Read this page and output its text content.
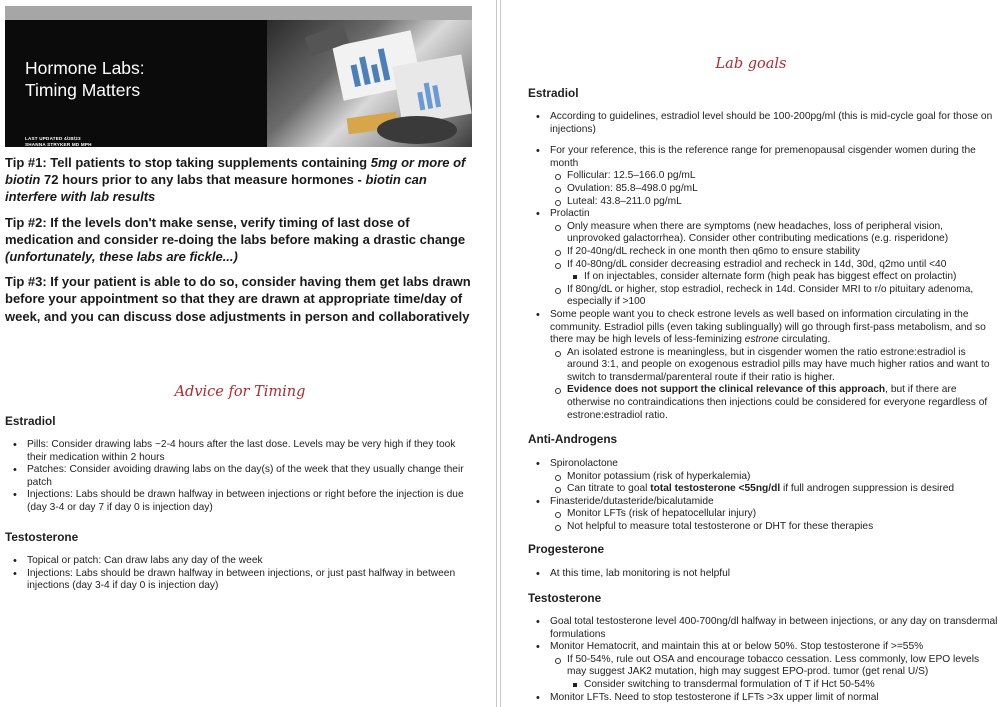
Hormone Labs:
Timing Matters
LAST UPDATED 4/28/23
SHANNA STRYKER MD MPH

Tip #1: Tell patients to stop taking supplements containing 5mg or more of biotin 72 hours prior to any labs that measure hormones - biotin can interfere with lab results

Tip #2: If the levels don't make sense, verify timing of last dose of medication and consider re-doing the labs before making a drastic change (unfortunately, these labs are fickle...)

Tip #3: If your patient is able to do so, consider having them get labs drawn before your appointment so that they are drawn at appropriate time/day of week, and you can discuss dose adjustments in person and collaboratively

Advice for Timing
Estradiol
• Pills: Consider drawing labs ~2-4 hours after the last dose. Levels may be very high if they took their medication within 2 hours
• Patches: Consider avoiding drawing labs on the day(s) of the week that they usually change their patch
• Injections: Labs should be drawn halfway in between injections or right before the injection is due (day 3-4 or day 7 if day 0 is injection day)
Testosterone
• Topical or patch: Can draw labs any day of the week
• Injections: Labs should be drawn halfway in between injections, or just past halfway in between injections (day 3-4 if day 0 is injection day)
Lab goals
Estradiol
• According to guidelines, estradiol level should be 100-200pg/ml (this is mid-cycle goal for those on injections)
• For your reference, this is the reference range for premenopausal cisgender women during the month
Follicular: 12.5–166.0 pg/mL
Ovulation: 85.8–498.0 pg/mL
Luteal: 43.8–211.0 pg/mL
• Prolactin
Only measure when there are symptoms (new headaches, loss of peripheral vision, unprovoked galactorrhea). Consider other contributing medications (e.g. risperidone)
If 20-40ng/dL recheck in one month then q6mo to ensure stability
If 40-80ng/dL consider decreasing estradiol and recheck in 14d, 30d, q2mo until <40
If on injectables, consider alternate form (high peak has biggest effect on prolactin)
If 80ng/dL or higher, stop estradiol, recheck in 14d. Consider MRI to r/o pituitary adenoma, especially if >100
• Some people want you to check estrone levels as well based on information circulating in the community. Estradiol pills (even taking sublingually) will go through first-pass metabolism, and so there may be high levels of less-feminizing estrone circulating.
An isolated estrone is meaningless, but in cisgender women the ratio estrone:estradiol is around 3:1, and people on exogenous estradiol pills may have much higher ratios and want to switch to transdermal/parenteral route if their ratio is higher.
Evidence does not support the clinical relevance of this approach, but if there are otherwise no contraindications then injections could be considered for everyone regardless of estrone:estradiol ratio.
Anti-Androgens
• Spironolactone
Monitor potassium (risk of hyperkalemia)
Can titrate to goal total testosterone <55ng/dl if full androgen suppression is desired
• Finasteride/dutasteride/bicalutamide
Monitor LFTs (risk of hepatocellular injury)
Not helpful to measure total testosterone or DHT for these therapies
Progesterone
• At this time, lab monitoring is not helpful
Testosterone
• Goal total testosterone level 400-700ng/dl halfway in between injections, or any day on transdermal formulations
• Monitor Hematocrit, and maintain this at or below 50%. Stop testosterone if >=55%
If 50-54%, rule out OSA and encourage tobacco cessation. Less commonly, low EPO levels may suggest JAK2 mutation, high may suggest EPO-prod. tumor (get renal U/S)
Consider switching to transdermal formulation of T if Hct 50-54%
• Monitor LFTs. Need to stop testosterone if LFTs >3x upper limit of normal
